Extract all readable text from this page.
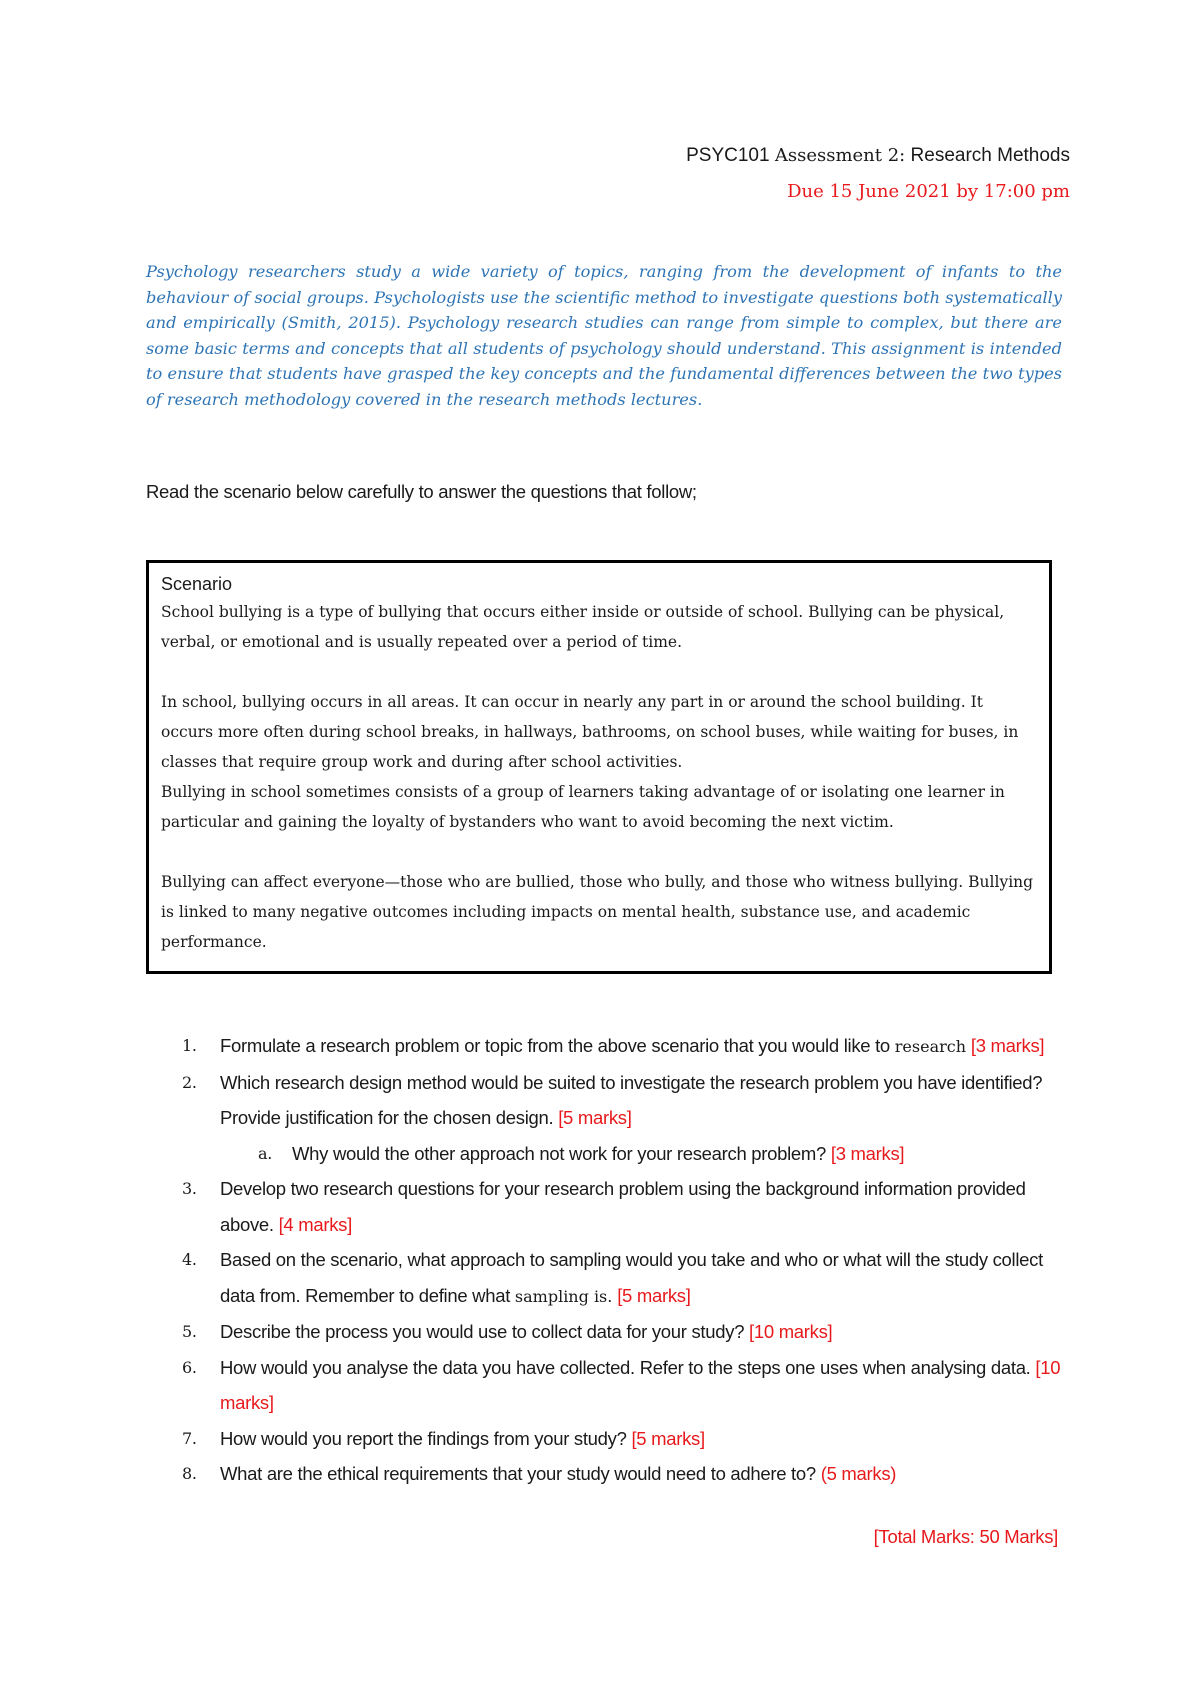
PSYC101 Assessment 2: Research Methods
Due 15 June 2021 by 17:00 pm
Psychology researchers study a wide variety of topics, ranging from the development of infants to the behaviour of social groups. Psychologists use the scientific method to investigate questions both systematically and empirically (Smith, 2015). Psychology research studies can range from simple to complex, but there are some basic terms and concepts that all students of psychology should understand. This assignment is intended to ensure that students have grasped the key concepts and the fundamental differences between the two types of research methodology covered in the research methods lectures.
Read the scenario below carefully to answer the questions that follow;
Scenario

School bullying is a type of bullying that occurs either inside or outside of school. Bullying can be physical, verbal, or emotional and is usually repeated over a period of time.

In school, bullying occurs in all areas. It can occur in nearly any part in or around the school building. It occurs more often during school breaks, in hallways, bathrooms, on school buses, while waiting for buses, in classes that require group work and during after school activities.

Bullying in school sometimes consists of a group of learners taking advantage of or isolating one learner in particular and gaining the loyalty of bystanders who want to avoid becoming the next victim.

Bullying can affect everyone—those who are bullied, those who bully, and those who witness bullying. Bullying is linked to many negative outcomes including impacts on mental health, substance use, and academic performance.

1. Formulate a research problem or topic from the above scenario that you would like to research [3 marks]
2. Which research design method would be suited to investigate the research problem you have identified? Provide justification for the chosen design. [5 marks]
a. Why would the other approach not work for your research problem? [3 marks]
3. Develop two research questions for your research problem using the background information provided above. [4 marks]
4. Based on the scenario, what approach to sampling would you take and who or what will the study collect data from. Remember to define what sampling is. [5 marks]
5. Describe the process you would use to collect data for your study? [10 marks]
6. How would you analyse the data you have collected. Refer to the steps one uses when analysing data. [10 marks]
7. How would you report the findings from your study? [5 marks]
8. What are the ethical requirements that your study would need to adhere to? (5 marks)
[Total Marks: 50 Marks]
